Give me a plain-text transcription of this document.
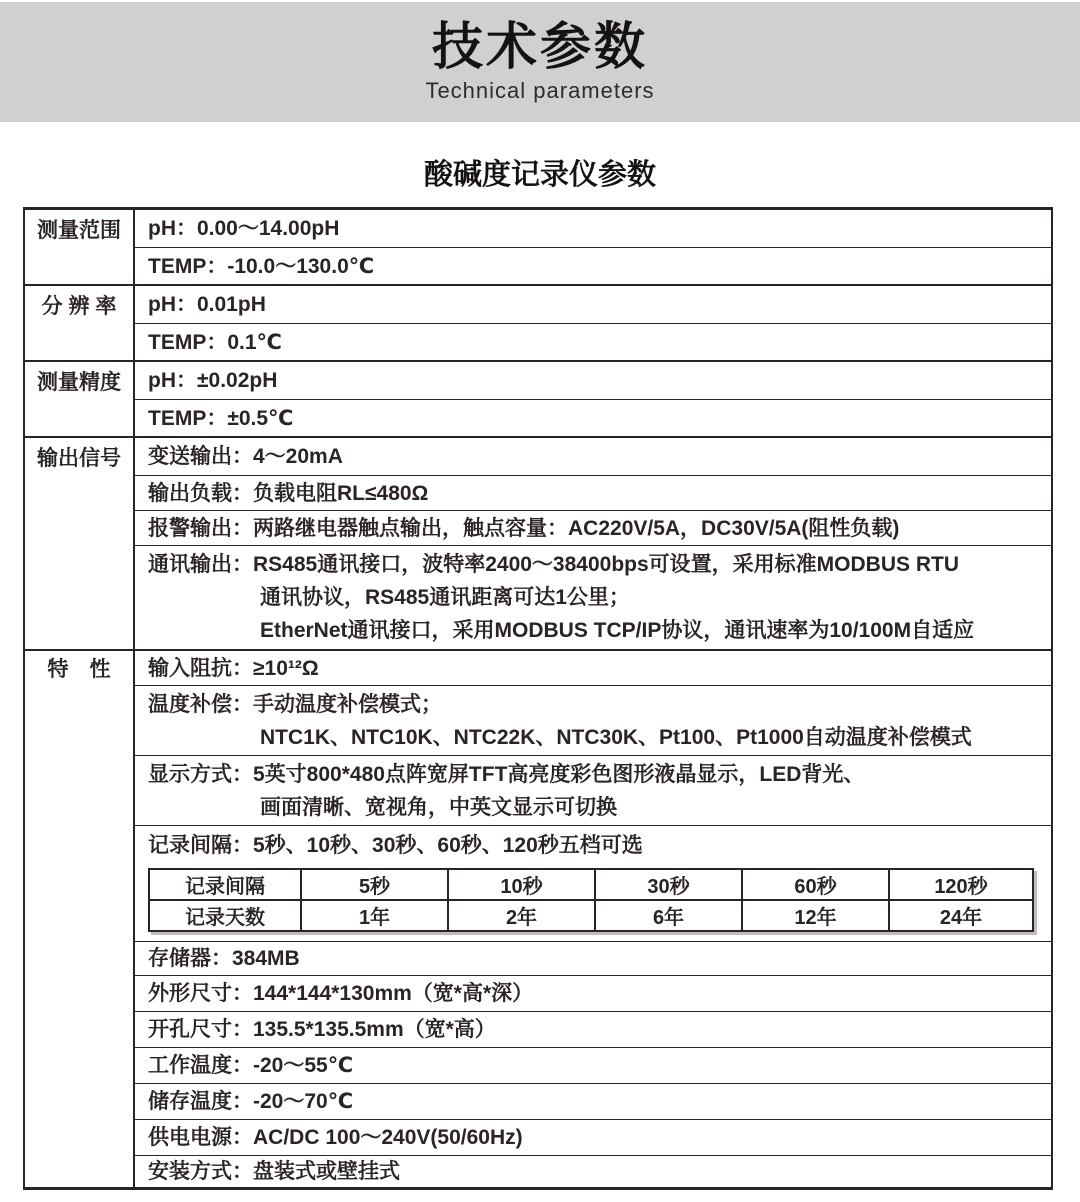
技术参数
Technical parameters
酸碱度记录仪参数
测量范围 pH：0.00～14.00pH
TEMP：-10.0～130.0℃
分 辨 率 pH：0.01pH
TEMP：0.1℃
测量精度 pH：±0.02pH
TEMP：±0.5℃
输出信号 变送输出：4～20mA
输出负载：负载电阻RL≤480Ω
报警输出：两路继电器触点输出，触点容量：AC220V/5A，DC30V/5A(阻性负载)
通讯输出：RS485通讯接口，波特率2400～38400bps可设置，采用标准MODBUS RTU
通讯协议，RS485通讯距离可达1公里；
EtherNet通讯接口，采用MODBUS TCP/IP协议，通讯速率为10/100M自适应
特　性 输入阻抗：≥10¹²Ω
温度补偿：手动温度补偿模式；
NTC1K、NTC10K、NTC22K、NTC30K、Pt100、Pt1000自动温度补偿模式
显示方式：5英寸800*480点阵宽屏TFT高亮度彩色图形液晶显示，LED背光、
画面清晰、宽视角，中英文显示可切换
记录间隔：5秒、10秒、30秒、60秒、120秒五档可选
记录间隔	5秒	10秒	30秒	60秒	120秒
记录天数	1年	2年	6年	12年	24年
存储器：384MB
外形尺寸：144*144*130mm（宽*高*深）
开孔尺寸：135.5*135.5mm（宽*高）
工作温度：-20～55℃
储存温度：-20～70℃
供电电源：AC/DC 100～240V(50/60Hz)
安装方式：盘装式或壁挂式
